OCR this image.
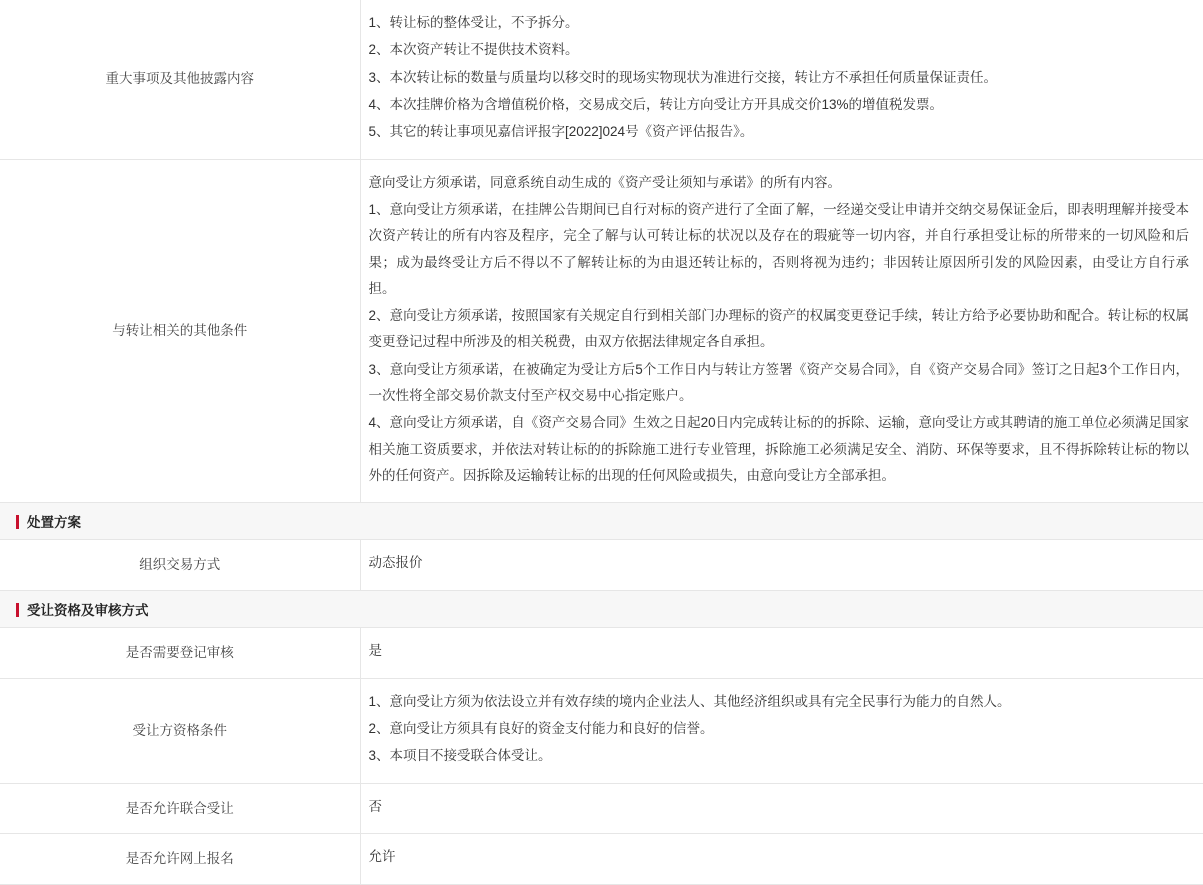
重大事项及其他披露内容	1、转让标的整体受让，不予拆分。

2、本次资产转让不提供技术资料。

3、本次转让标的数量与质量均以移交时的现场实物现状为准进行交接，转让方不承担任何质量保证责任。

4、本次挂牌价格为含增值税价格，交易成交后，转让方向受让方开具成交价13%的增值税发票。

5、其它的转让事项见嘉信评报字[2022]024号《资产评估报告》。

与转让相关的其他条件	意向受让方须承诺，同意系统自动生成的《资产受让须知与承诺》的所有内容。

1、意向受让方须承诺，在挂牌公告期间已自行对标的资产进行了全面了解，一经递交受让申请并交纳交易保证金后，即表明理解并接受本次资产转让的所有内容及程序，完全了解与认可转让标的状况以及存在的瑕疵等一切内容，并自行承担受让标的所带来的一切风险和后果；成为最终受让方后不得以不了解转让标的为由退还转让标的，否则将视为违约；非因转让原因所引发的风险因素，由受让方自行承担。

2、意向受让方须承诺，按照国家有关规定自行到相关部门办理标的资产的权属变更登记手续，转让方给予必要协助和配合。转让标的权属变更登记过程中所涉及的相关税费，由双方依据法律规定各自承担。

3、意向受让方须承诺，在被确定为受让方后5个工作日内与转让方签署《资产交易合同》，自《资产交易合同》签订之日起3个工作日内，一次性将全部交易价款支付至产权交易中心指定账户。

4、意向受让方须承诺，自《资产交易合同》生效之日起20日内完成转让标的的拆除、运输，意向受让方或其聘请的施工单位必须满足国家相关施工资质要求，并依法对转让标的的拆除施工进行专业管理，拆除施工必须满足安全、消防、环保等要求，且不得拆除转让标的物以外的任何资产。因拆除及运输转让标的出现的任何风险或损失，由意向受让方全部承担。

处置方案	
组织交易方式	动态报价
受让资格及审核方式	
是否需要登记审核	是
受让方资格条件	1、意向受让方须为依法设立并有效存续的境内企业法人、其他经济组织或具有完全民事行为能力的自然人。

2、意向受让方须具有良好的资金支付能力和良好的信誉。

3、本项目不接受联合体受让。

是否允许联合受让	否
是否允许网上报名	允许
